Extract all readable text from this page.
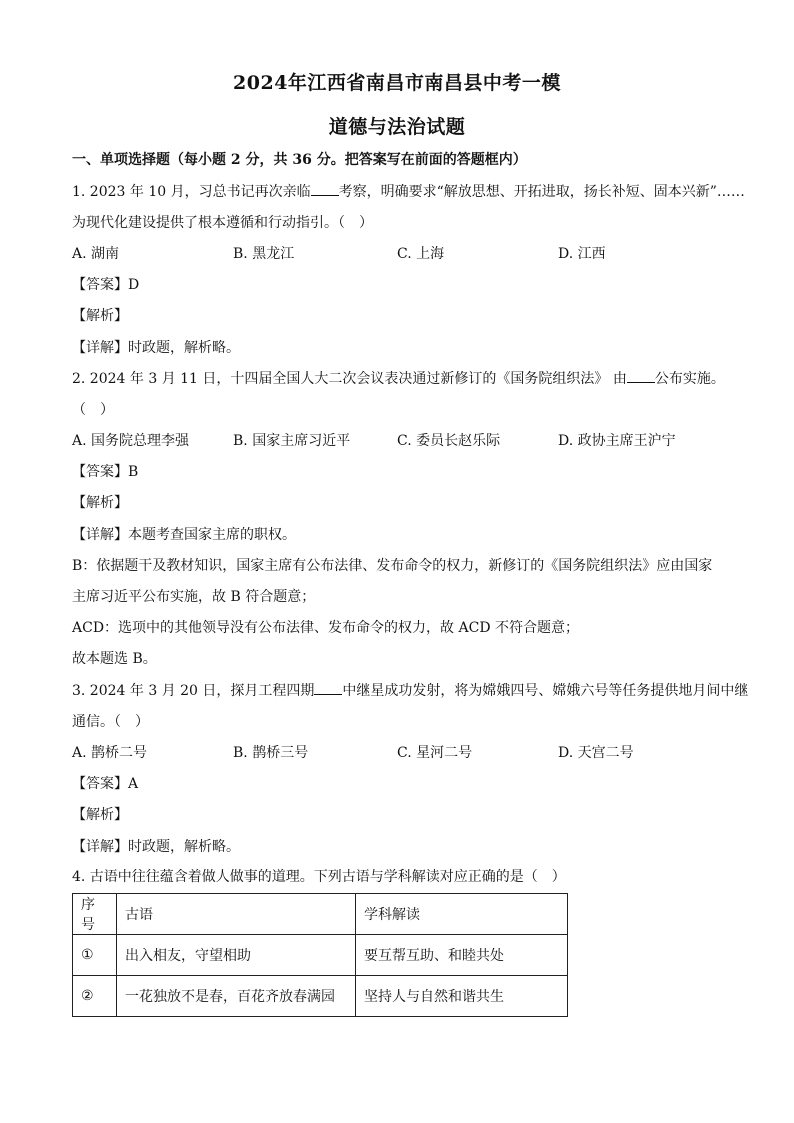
2024年江西省南昌市南昌县中考一模
道德与法治试题
一、单项选择题（每小题 2 分，共 36 分。把答案写在前面的答题框内）
1. 2023 年 10 月，习总书记再次亲临 考察，明确要求“解放思想、开拓进取，扬长补短、固本兴新”……
为现代化建设提供了根本遵循和行动指引。（　）
A. 湖南	B. 黑龙江	C. 上海	D. 江西
【答案】D
【解析】
【详解】时政题，解析略。
2. 2024 年 3 月 11 日，十四届全国人大二次会议表决通过新修订的《国务院组织法》 由 公布实施。
（　）
A. 国务院总理李强	B. 国家主席习近平	C. 委员长赵乐际	D. 政协主席王沪宁
【答案】B
【解析】
【详解】本题考查国家主席的职权。
B：依据题干及教材知识，国家主席有公布法律、发布命令的权力，新修订的《国务院组织法》应由国家
主席习近平公布实施，故 B 符合题意；
ACD：选项中的其他领导没有公布法律、发布命令的权力，故 ACD 不符合题意；
故本题选 B。
3. 2024 年 3 月 20 日，探月工程四期 中继星成功发射，将为嫦娥四号、嫦娥六号等任务提供地月间中继
通信。（　）
A. 鹊桥二号	B. 鹊桥三号	C. 星河二号	D. 天宫二号
【答案】A
【解析】
【详解】时政题，解析略。
4. 古语中往往蕴含着做人做事的道理。下列古语与学科解读对应正确的是（　）
序号	古语	学科解读
①	出入相友，守望相助	要互帮互助、和睦共处
②	一花独放不是春，百花齐放春满园	坚持人与自然和谐共生
